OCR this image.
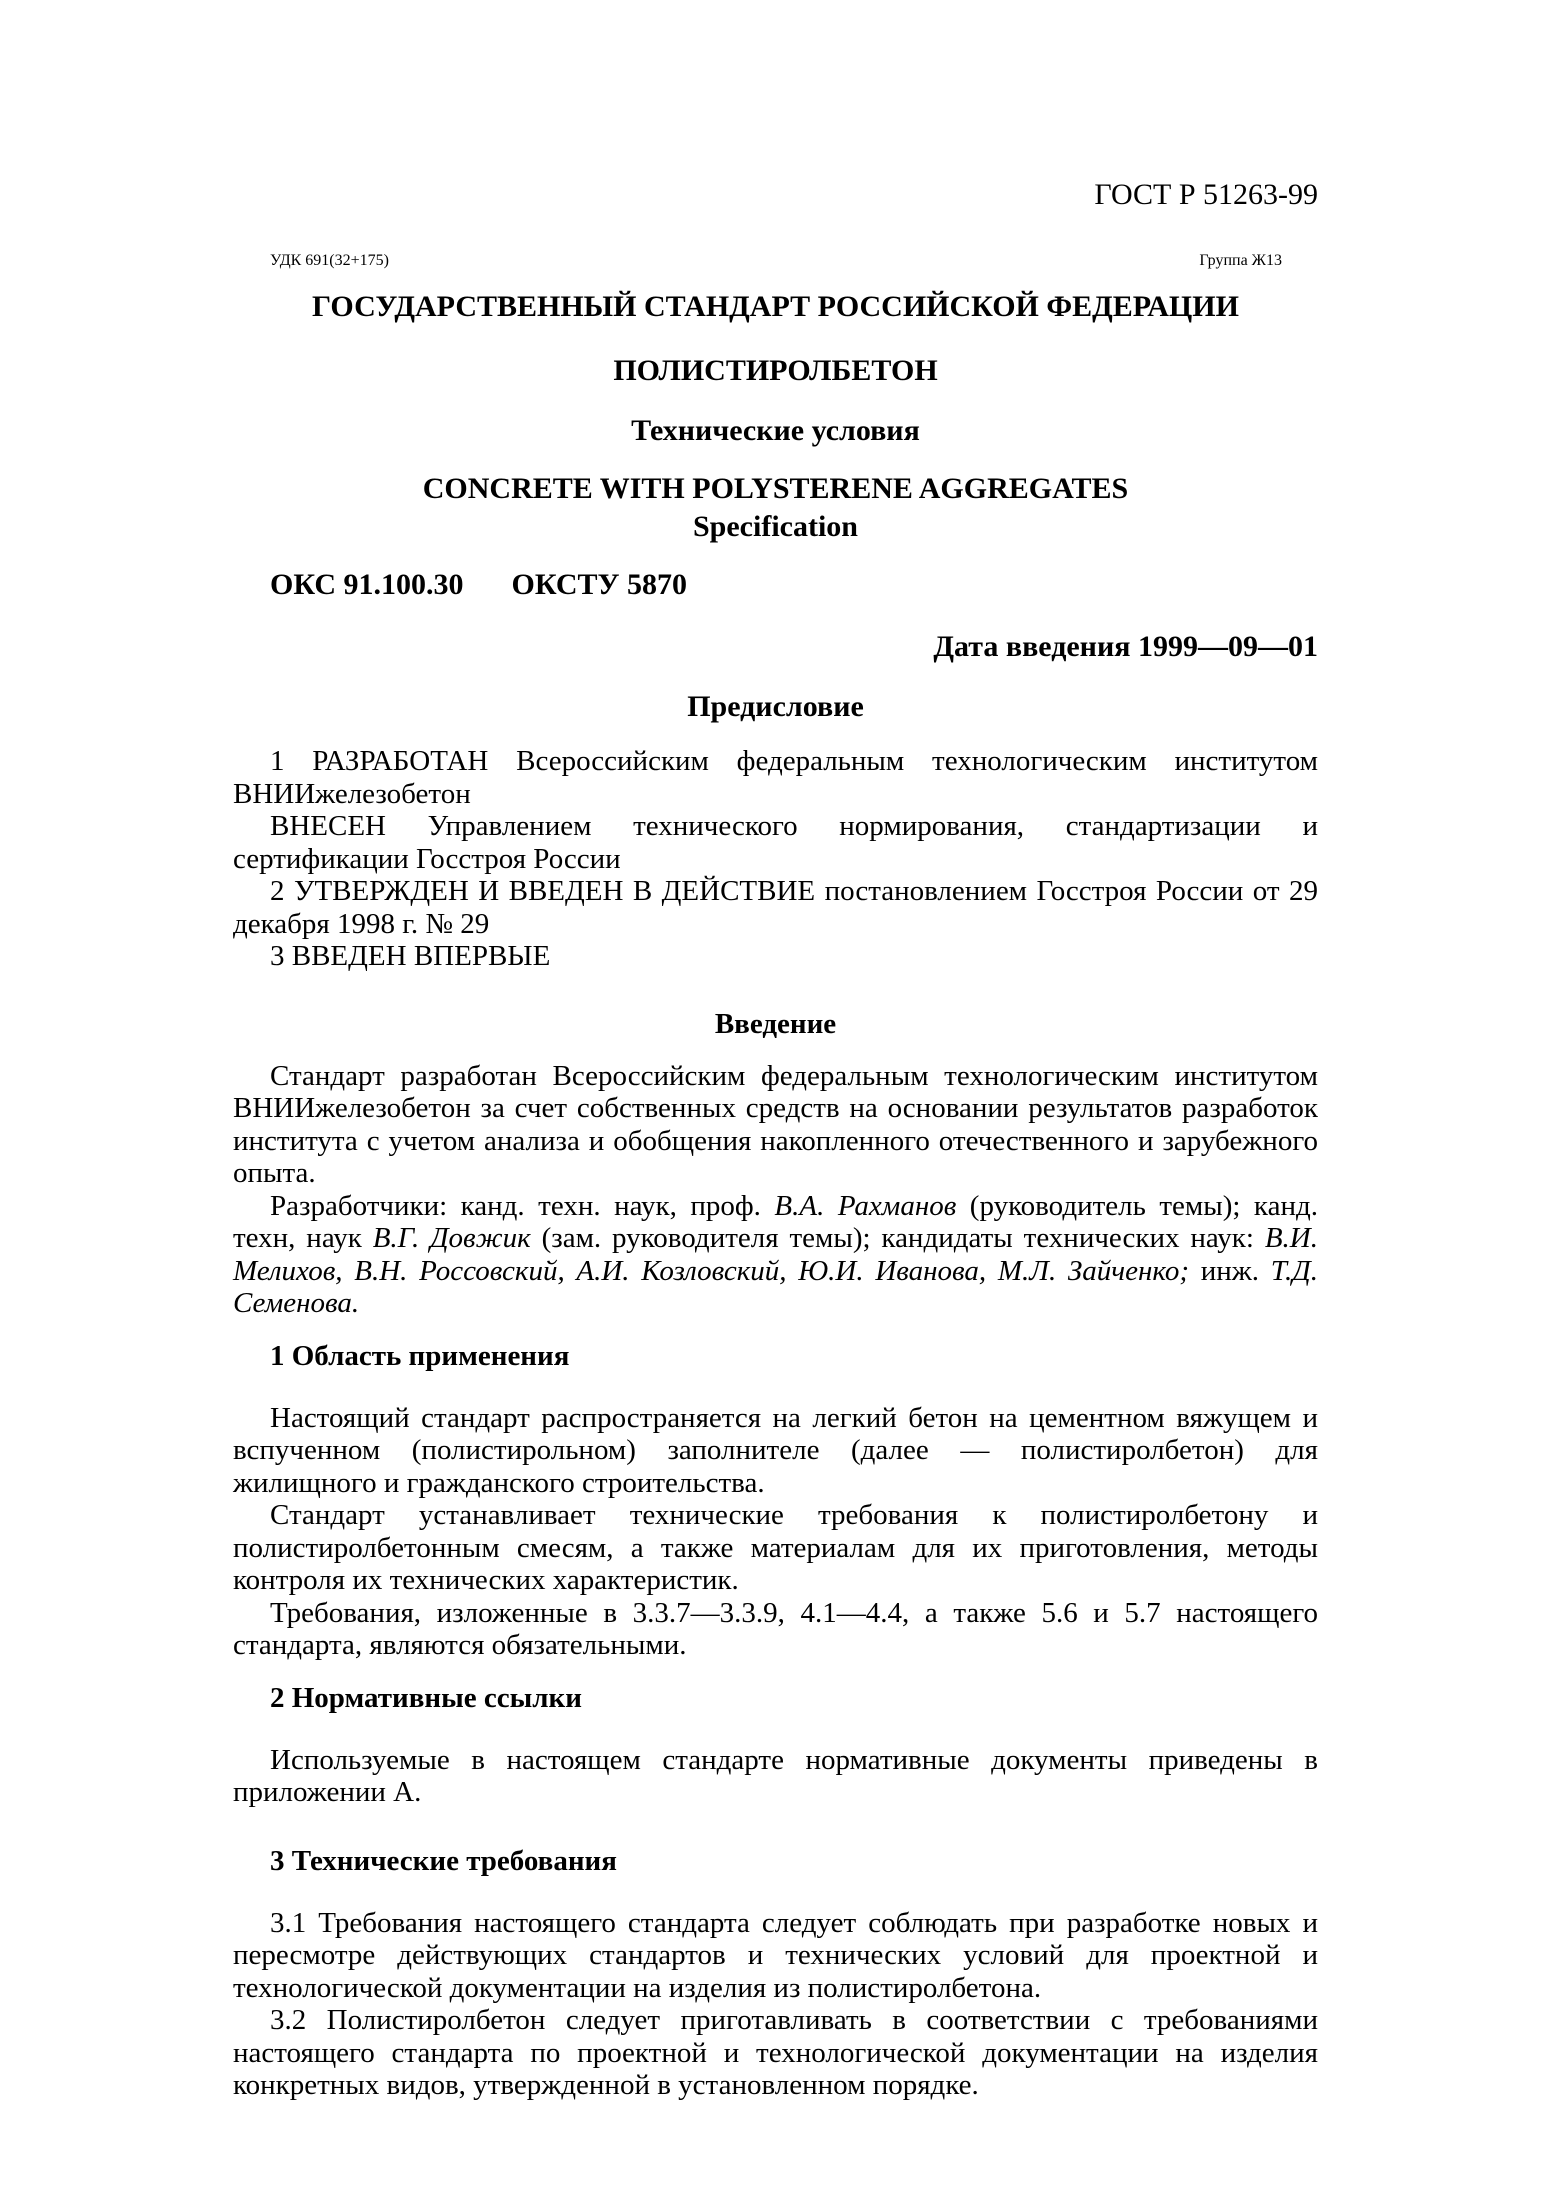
ГОСТ Р 51263-99
УДК 691(32+175)	Группа Ж13
ГОСУДАРСТВЕННЫЙ СТАНДАРТ РОССИЙСКОЙ ФЕДЕРАЦИИ
ПОЛИСТИРОЛБЕТОН
Технические условия
CONCRETE WITH POLYSTERENE AGGREGATES
Specification
ОКС 91.100.30 ОКСТУ 5870
Дата введения 1999—09—01
Предисловие

1 РАЗРАБОТАН Всероссийским федеральным технологическим институтом ВНИИжелезобетон

ВНЕСЕН Управлением технического нормирования, стандартизации и сертификации Госстроя России

2 УТВЕРЖДЕН И ВВЕДЕН В ДЕЙСТВИЕ постановлением Госстроя России от 29 декабря 1998 г. № 29

3 ВВЕДЕН ВПЕРВЫЕ

Введение

Стандарт разработан Всероссийским федеральным технологическим институтом ВНИИжелезобетон за счет собственных средств на основании результатов разработок института с учетом анализа и обобщения накопленного отечественного и зарубежного опыта.

Разработчики: канд. техн. наук, проф. В.А. Рахманов (руководитель темы); канд. техн, наук В.Г. Довжик (зам. руководителя темы); кандидаты технических наук: В.И. Мелихов, В.Н. Россовский, А.И. Козловский, Ю.И. Иванова, М.Л. Зайченко; инж. Т.Д. Семенова.

1 Область применения

Настоящий стандарт распространяется на легкий бетон на цементном вяжущем и вспученном (полистирольном) заполнителе (далее — полистиролбетон) для жилищного и гражданского строительства.

Стандарт устанавливает технические требования к полистиролбетону и полистиролбетонным смесям, а также материалам для их приготовления, методы контроля их технических характеристик.

Требования, изложенные в 3.3.7—3.3.9, 4.1—4.4, а также 5.6 и 5.7 настоящего стандарта, являются обязательными.

2 Нормативные ссылки

Используемые в настоящем стандарте нормативные документы приведены в приложении А.

3 Технические требования

3.1 Требования настоящего стандарта следует соблюдать при разработке новых и пересмотре действующих стандартов и технических условий для проектной и технологической документации на изделия из полистиролбетона.

3.2 Полистиролбетон следует приготавливать в соответствии с требованиями настоящего стандарта по проектной и технологической документации на изделия конкретных видов, утвержденной в установленном порядке.
